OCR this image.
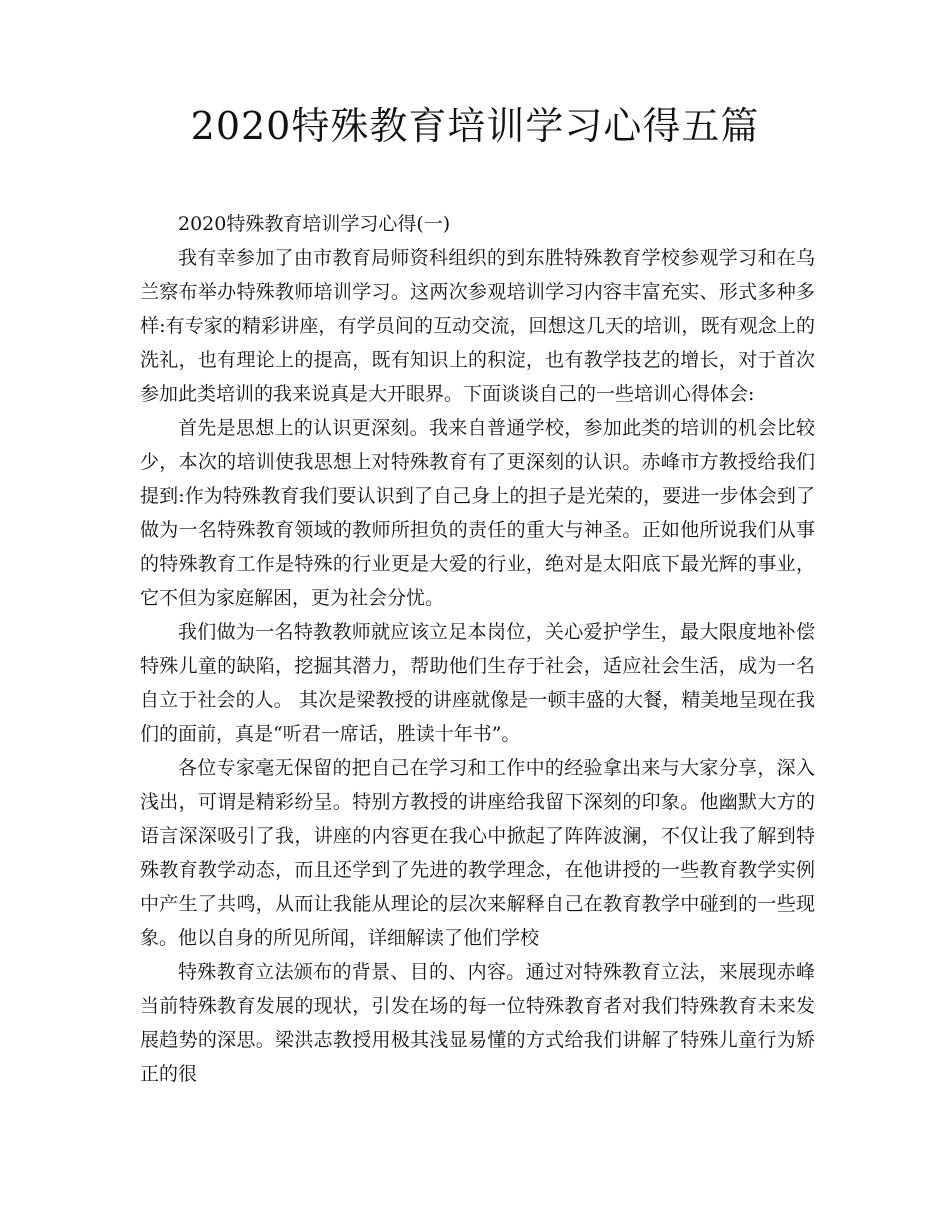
2020特殊教育培训学习心得五篇

2020特殊教育培训学习心得(一)

我有幸参加了由市教育局师资科组织的到东胜特殊教育学校参观学习和在乌兰察布举办特殊教师培训学习。这两次参观培训学习内容丰富充实、形式多种多样:有专家的精彩讲座，有学员间的互动交流，回想这几天的培训，既有观念上的洗礼，也有理论上的提高，既有知识上的积淀，也有教学技艺的增长，对于首次参加此类培训的我来说真是大开眼界。下面谈谈自己的一些培训心得体会:

首先是思想上的认识更深刻。我来自普通学校，参加此类的培训的机会比较少，本次的培训使我思想上对特殊教育有了更深刻的认识。赤峰市方教授给我们提到:作为特殊教育我们要认识到了自己身上的担子是光荣的，要进一步体会到了做为一名特殊教育领域的教师所担负的责任的重大与神圣。正如他所说我们从事的特殊教育工作是特殊的行业更是大爱的行业，绝对是太阳底下最光辉的事业，它不但为家庭解困，更为社会分忧。

我们做为一名特教教师就应该立足本岗位，关心爱护学生，最大限度地补偿特殊儿童的缺陷，挖掘其潜力，帮助他们生存于社会，适应社会生活，成为一名自立于社会的人。 其次是梁教授的讲座就像是一顿丰盛的大餐，精美地呈现在我们的面前，真是“听君一席话，胜读十年书”。

各位专家毫无保留的把自己在学习和工作中的经验拿出来与大家分享，深入浅出，可谓是精彩纷呈。特别方教授的讲座给我留下深刻的印象。他幽默大方的语言深深吸引了我，讲座的内容更在我心中掀起了阵阵波澜，不仅让我了解到特殊教育教学动态，而且还学到了先进的教学理念，在他讲授的一些教育教学实例中产生了共鸣，从而让我能从理论的层次来解释自己在教育教学中碰到的一些现象。他以自身的所见所闻，详细解读了他们学校

特殊教育立法颁布的背景、目的、内容。通过对特殊教育立法，来展现赤峰当前特殊教育发展的现状，引发在场的每一位特殊教育者对我们特殊教育未来发展趋势的深思。梁洪志教授用极其浅显易懂的方式给我们讲解了特殊儿童行为矫正的很
